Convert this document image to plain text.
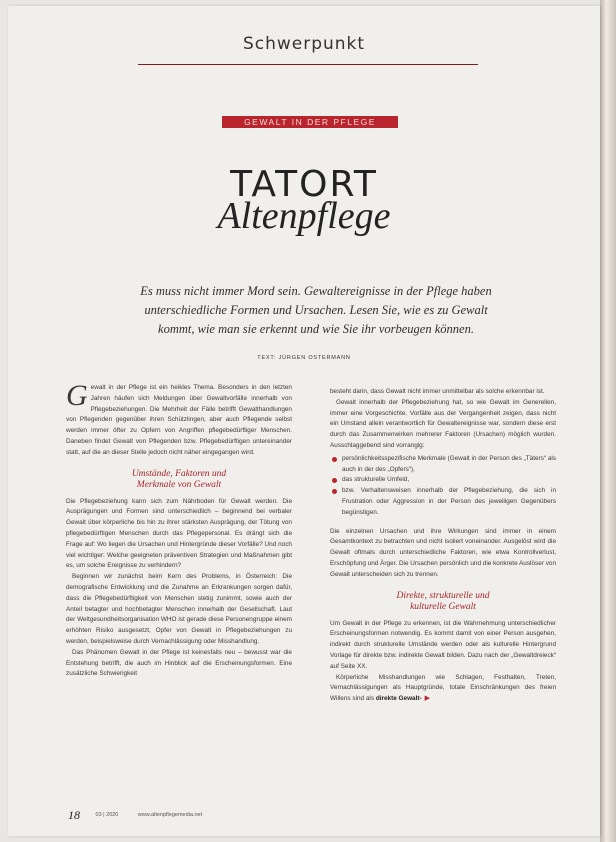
Schwerpunkt
GEWALT IN DER PFLEGE
TATORT
Altenpflege
Es muss nicht immer Mord sein. Gewaltereignisse in der Pflege haben unterschiedliche Formen und Ursachen. Lesen Sie, wie es zu Gewalt kommt, wie man sie erkennt und wie Sie ihr vorbeugen können.
TEXT: JÜRGEN OSTERMANN

G ewalt in der Pflege ist ein heikles Thema. Besonders in den letzten Jahren häufen sich Meldungen über Gewaltvorfälle innerhalb von Pflegebeziehungen. Die Mehrheit der Fälle betrifft Gewalthandlungen von Pflegenden gegenüber ihren Schützlingen, aber auch Pflegende selbst werden immer öfter zu Opfern von Angriffen pflegebedürftiger Menschen. Daneben findet Gewalt von Pflegenden bzw. Pflegebedürftigen untereinander statt, auf die an dieser Stelle jedoch nicht näher eingegangen wird.

Umstände, Faktoren und
Merkmale von Gewalt

Die Pflegebeziehung kann sich zum Nährboden für Gewalt werden. Die Ausprägungen und Formen sind unterschiedlich – beginnend bei verbaler Gewalt über körperliche bis hin zu ihrer stärksten Ausprägung, der Tötung von pflegebedürftigen Menschen durch das Pflegepersonal. Es drängt sich die Frage auf: Wo liegen die Ursachen und Hintergründe dieser Vorfälle? Und noch viel wichtiger: Welche geeigneten präventiven Strategien und Maßnahmen gibt es, um solche Ereignisse zu verhindern?

Beginnen wir zunächst beim Kern des Problems, in Österreich: Die demografische Entwicklung und die Zunahme an Erkrankungen sorgen dafür, dass die Pflegebedürftigkeit von Menschen stetig zunimmt, sowie auch der Anteil betagter und hochbetagter Menschen innerhalb der Gesellschaft. Laut der Weltgesundheitsorganisation WHO ist gerade diese Personengruppe einem erhöhten Risiko ausgesetzt, Opfer von Gewalt in Pflegebeziehungen zu werden, beispielsweise durch Vernachlässigung oder Misshandlung.

Das Phänomen Gewalt in der Pflege ist keinesfalls neu – bewusst war die Entstehung betrifft, die auch im Hinblick auf die Erscheinungsformen. Eine zusätzliche Schwierigkeit

besteht darin, dass Gewalt nicht immer unmittelbar als solche erkennbar ist.

Gewalt innerhalb der Pflegebeziehung hat, so wie Gewalt im Generellen, immer eine Vorgeschichte. Vorfälle aus der Vergangenheit zeigen, dass nicht ein Umstand allein verantwortlich für Gewaltereignisse war, sondern diese erst durch das Zusammenwirken mehrerer Faktoren (Ursachen) möglich wurden. Ausschlaggebend sind vorrangig:

persönlichkeitsspezifische Merkmale (Gewalt in der Person des „Täters“ als auch in der des „Opfers“),
das strukturelle Umfeld,
bzw. Verhaltensweisen innerhalb der Pflegebeziehung, die sich in Frustration oder Aggression in der Person des jeweiligen Gegenübers begünstigen.

Die einzelnen Ursachen und ihre Wirkungen sind immer in einem Gesamtkontext zu betrachten und nicht isoliert voneinander. Ausgelöst wird die Gewalt oftmals durch unterschiedliche Faktoren, wie etwa Kontrollverlust, Erschöpfung und Ärger. Die Ursachen persönlich und die konkrete Auslöser von Gewalt unterscheiden sich zu trennen.

Direkte, strukturelle und
kulturelle Gewalt

Um Gewalt in der Pflege zu erkennen, ist die Wahrnehmung unterschiedlicher Erscheinungsformen notwendig. Es kommt damit von einer Person ausgehen, indirekt durch strukturelle Umstände werden oder als kulturelle Hintergrund Vorlage für direkte bzw. indirekte Gewalt bilden. Dazu nach der „Gewaltdreieck“ auf Seite XX.

Körperliche Misshandlungen wie Schlagen, Festhalten, Treten, Vernachlässigungen als Hauptgründe, totale Einschränkungen des freien Willens sind als direkte Gewalt- ▶

18	03 | 2020	www.altenpflegemedia.net
